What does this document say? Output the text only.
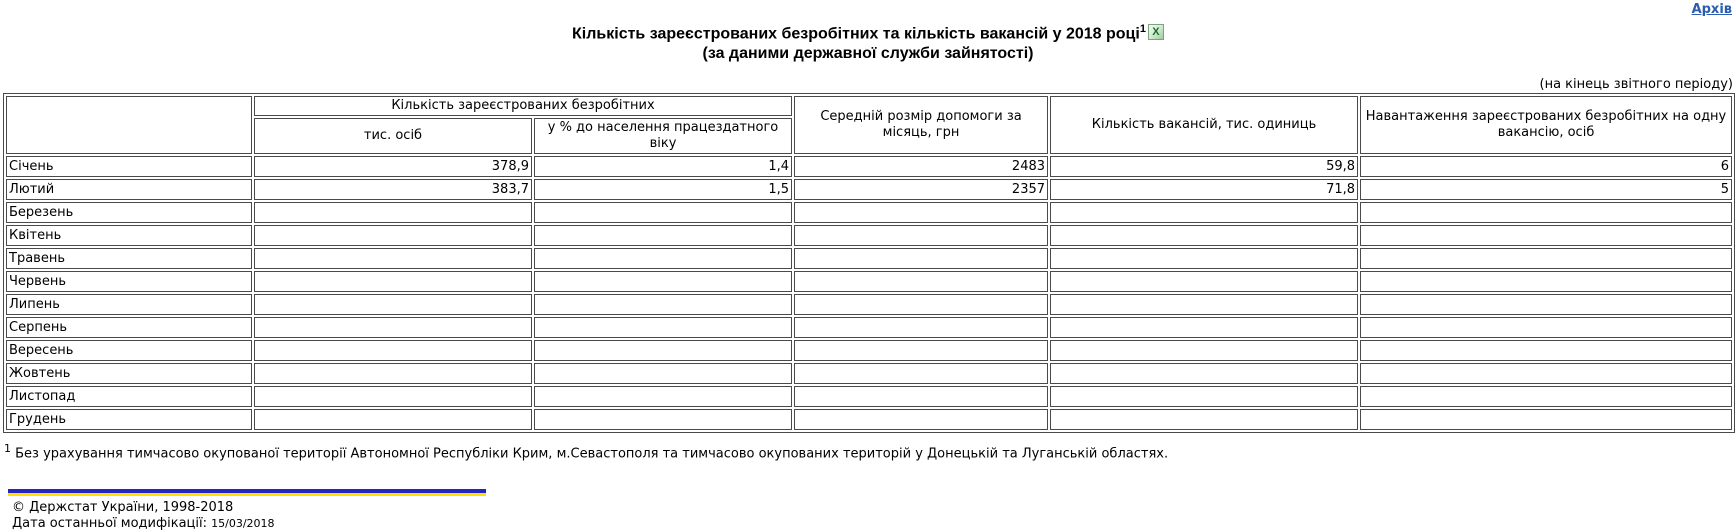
Архів
Кількість зареєстрованих безробітних та кількість вакансій у 2018 році$^1$ X
(за даними державної служби зайнятості)
(на кінець звітного періоду)
	Кількість зареєстрованих безробітних		Середній розмір допомоги за місяць, грн	Кількість вакансій, тис. одиниць	Навантаження зареєстрованих безробітних на одну вакансію, осіб
	тис. осіб	у % до населення працездатного віку			
Січень	378,9	1,4	2483	59,8	6
Лютий	383,7	1,5	2357	71,8	5
Березень					
Квітень					
Травень					
Червень					
Липень					
Серпень					
Вересень					
Жовтень					
Листопад					
Грудень					
$^1$ Без урахування тимчасово окупованої території Автономної Республіки Крим, м.Севастополя та тимчасово окупованих територій у Донецькій та Луганській областях.
© Держстат України, 1998-2018
Дата останньої модифікації: 15/03/2018
